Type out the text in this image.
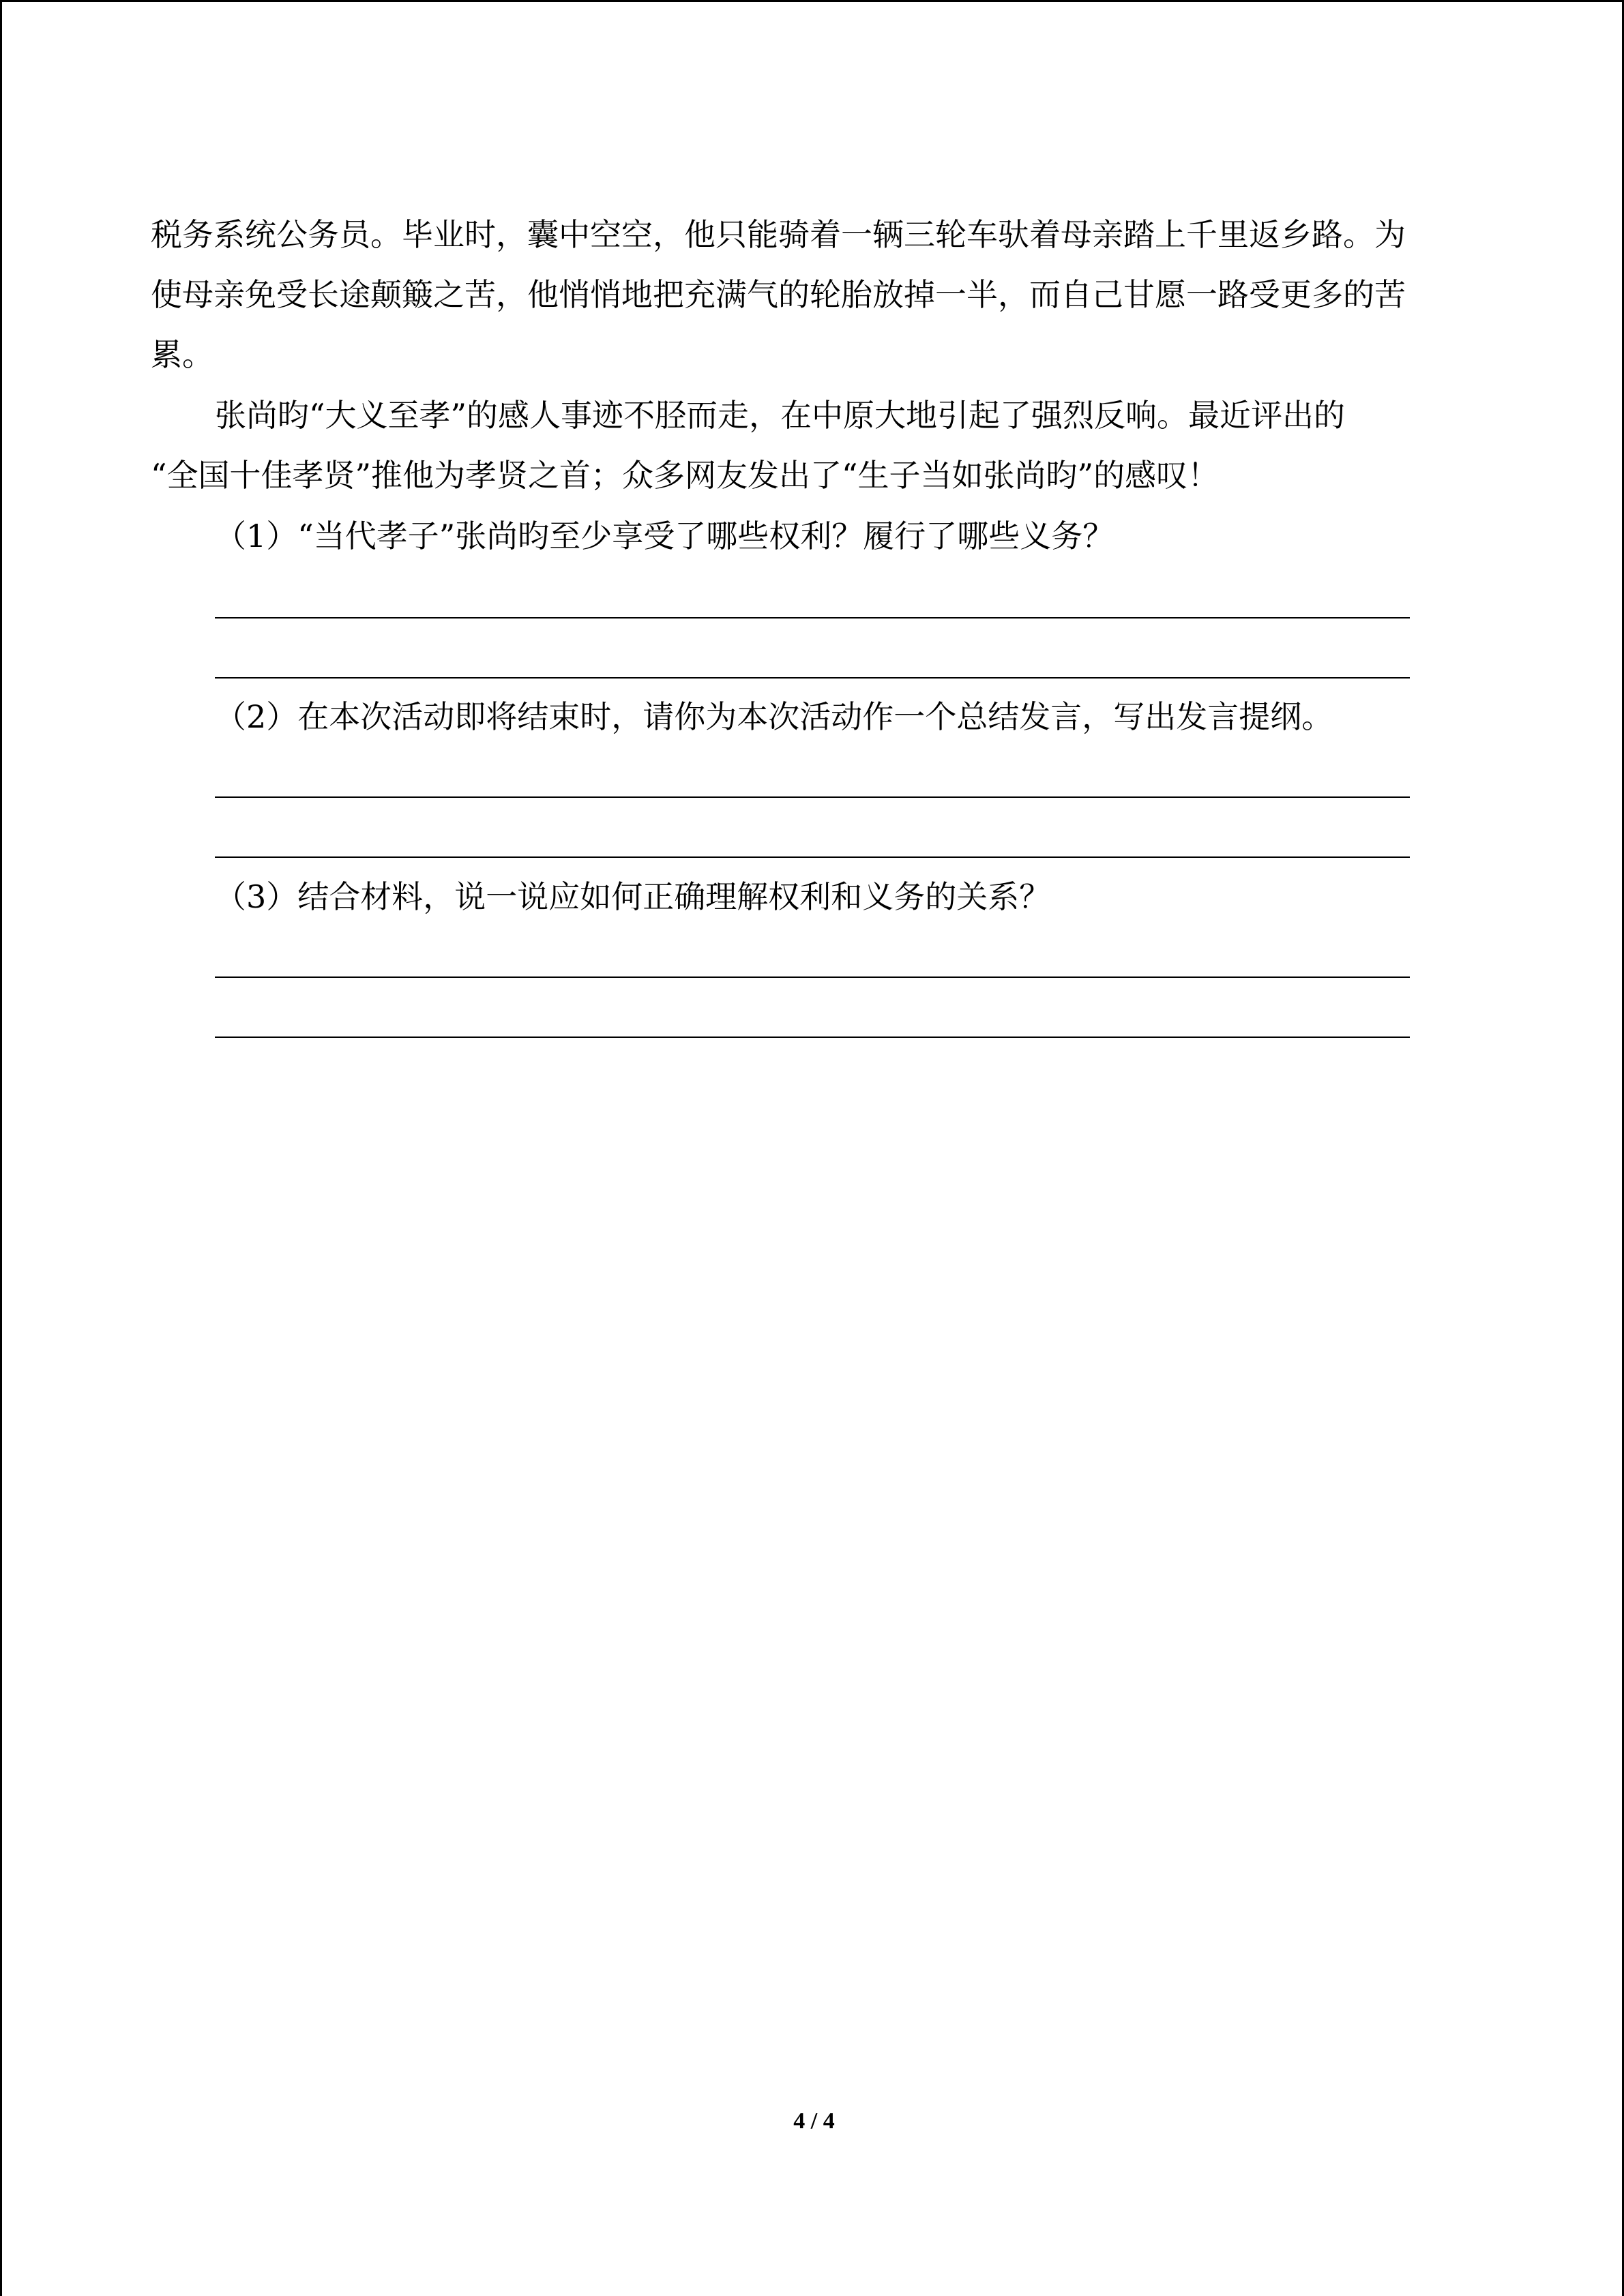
税务系统公务员。毕业时，囊中空空，他只能骑着一辆三轮车驮着母亲踏上千里返乡路。为
使母亲免受长途颠簸之苦，他悄悄地把充满气的轮胎放掉一半，而自己甘愿一路受更多的苦
累。
张尚昀“大义至孝”的感人事迹不胫而走，在中原大地引起了强烈反响。最近评出的
“全国十佳孝贤”推他为孝贤之首；众多网友发出了“生子当如张尚昀”的感叹！
（1）“当代孝子”张尚昀至少享受了哪些权利？履行了哪些义务？
（2）在本次活动即将结束时，请你为本次活动作一个总结发言，写出发言提纲。
（3）结合材料，说一说应如何正确理解权利和义务的关系？
4 / 4
